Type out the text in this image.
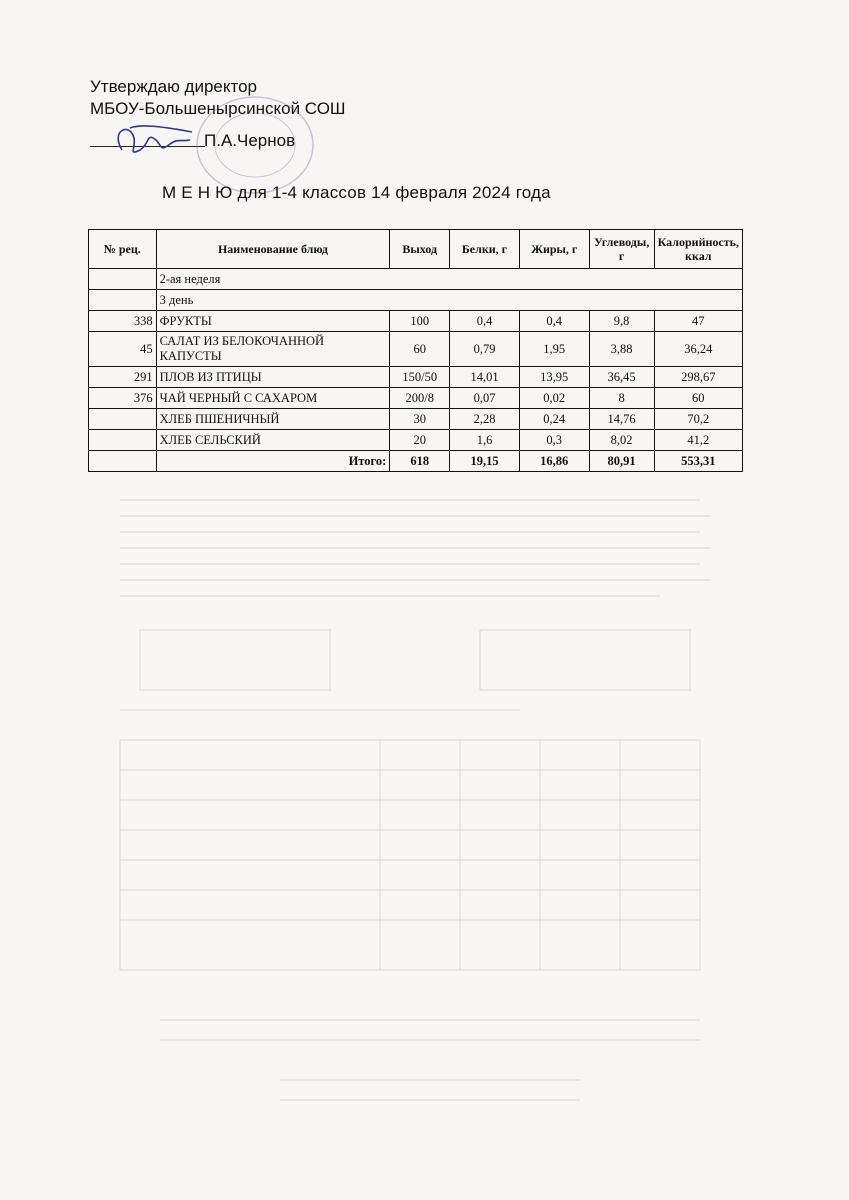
Утверждаю директор
МБОУ-Большенырсинской СОШ
П.А.Чернов
М Е Н Ю для 1-4 классов 14 февраля 2024 года
№ рец.	Наименование блюд	Выход	Белки, г	Жиры, г	Углеводы, г	Калорийность, ккал
	2-ая неделя					
	3 день					
338	ФРУКТЫ	100	0,4	0,4	9,8	47
45	САЛАТ ИЗ БЕЛОКОЧАННОЙ КАПУСТЫ	60	0,79	1,95	3,88	36,24
291	ПЛОВ ИЗ ПТИЦЫ	150/50	14,01	13,95	36,45	298,67
376	ЧАЙ ЧЕРНЫЙ С САХАРОМ	200/8	0,07	0,02	8	60
	ХЛЕБ ПШЕНИЧНЫЙ	30	2,28	0,24	14,76	70,2
	ХЛЕБ СЕЛЬСКИЙ	20	1,6	0,3	8,02	41,2
	Итого:	618	19,15	16,86	80,91	553,31
